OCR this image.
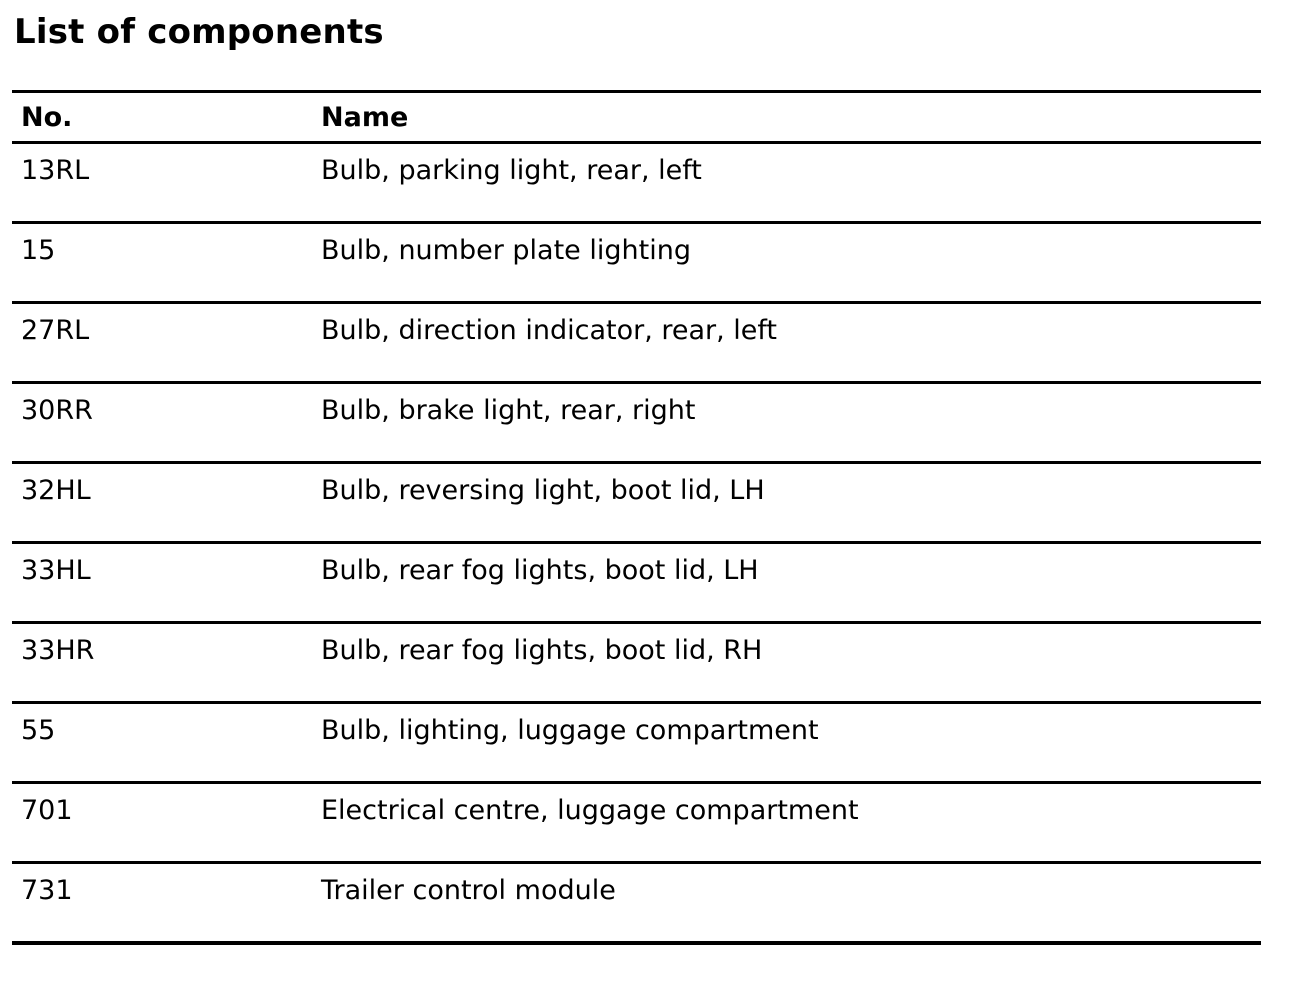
List of components
No.	Name
13RL	Bulb, parking light, rear, left
15	Bulb, number plate lighting
27RL	Bulb, direction indicator, rear, left
30RR	Bulb, brake light, rear, right
32HL	Bulb, reversing light, boot lid, LH
33HL	Bulb, rear fog lights, boot lid, LH
33HR	Bulb, rear fog lights, boot lid, RH
55	Bulb, lighting, luggage compartment
701	Electrical centre, luggage compartment
731	Trailer control module
